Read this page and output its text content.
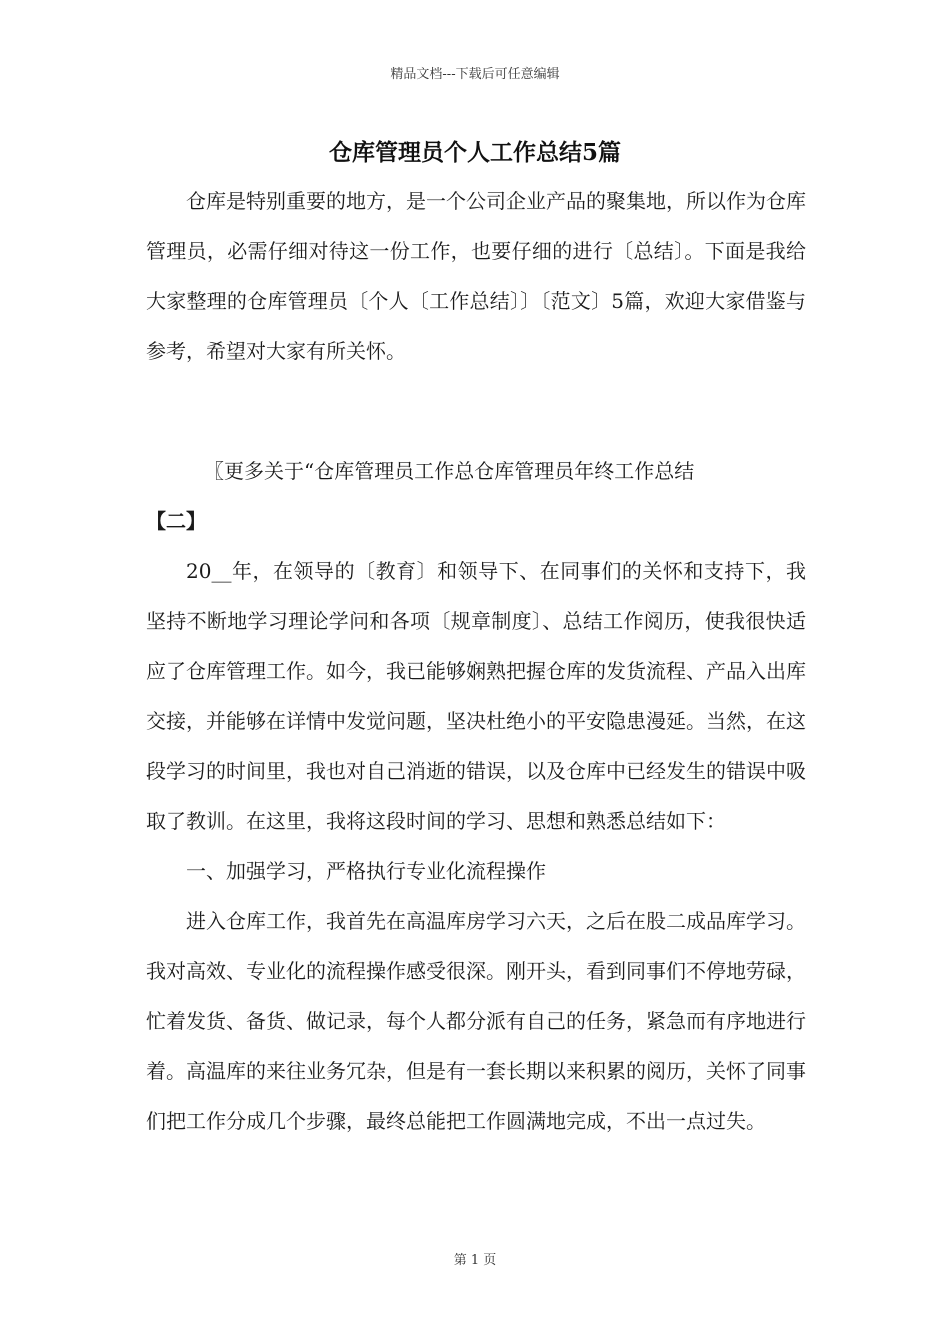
精品文档---下载后可任意编辑
仓库管理员个人工作总结5篇

仓库是特别重要的地方，是一个公司企业产品的聚集地，所以作为仓库管理员，必需仔细对待这一份工作，也要仔细的进行〔总结〕。下面是我给大家整理的仓库管理员〔个人〔工作总结〕〕〔范文〕5篇，欢迎大家借鉴与参考，希望对大家有所关怀。

〖更多关于“仓库管理员工作总仓库管理员年终工作总结

【二】

20__年，在领导的〔教育〕和领导下、在同事们的关怀和支持下，我坚持不断地学习理论学问和各项〔规章制度〕、总结工作阅历，使我很快适应了仓库管理工作。如今，我已能够娴熟把握仓库的发货流程、产品入出库交接，并能够在详情中发觉问题，坚决杜绝小的平安隐患漫延。当然，在这段学习的时间里，我也对自己消逝的错误，以及仓库中已经发生的错误中吸取了教训。在这里，我将这段时间的学习、思想和熟悉总结如下：

一、加强学习，严格执行专业化流程操作

进入仓库工作，我首先在高温库房学习六天，之后在股二成品库学习。我对高效、专业化的流程操作感受很深。刚开头，看到同事们不停地劳碌，忙着发货、备货、做记录，每个人都分派有自己的任务，紧急而有序地进行着。高温库的来往业务冗杂，但是有一套长期以来积累的阅历，关怀了同事们把工作分成几个步骤，最终总能把工作圆满地完成，不出一点过失。

第 1 页
